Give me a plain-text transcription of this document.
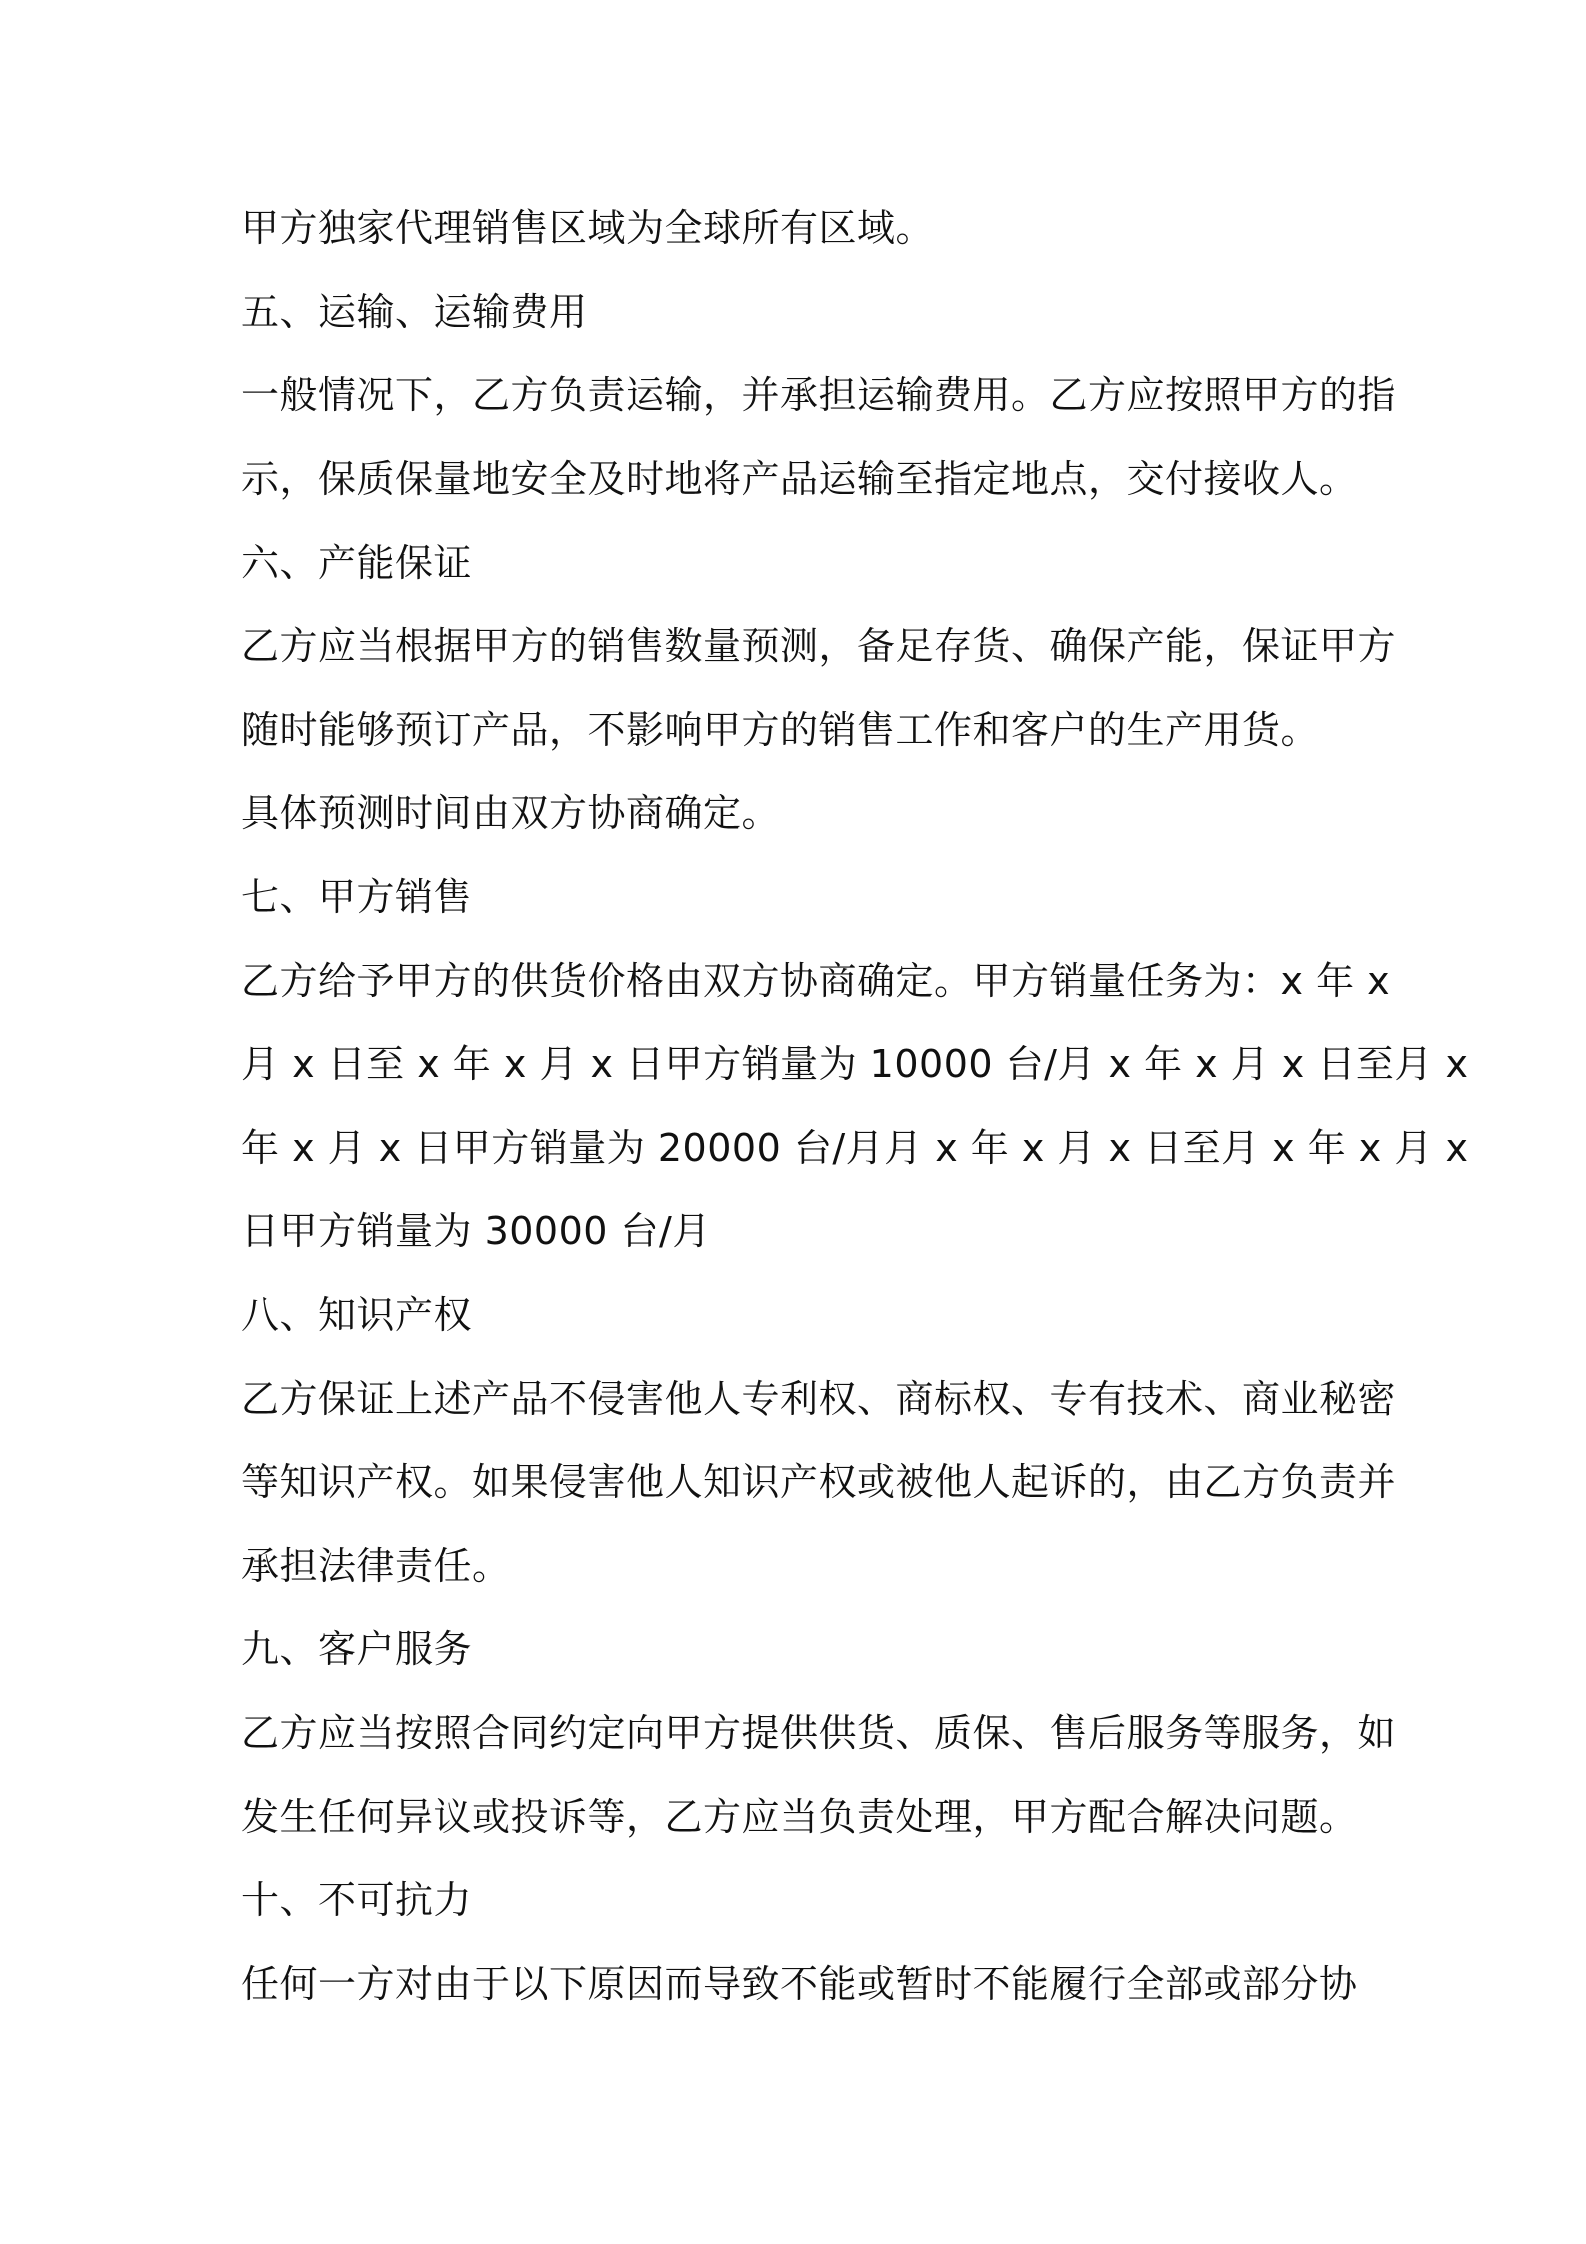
甲方独家代理销售区域为全球所有区域。
五、运输、运输费用
一般情况下，乙方负责运输，并承担运输费用。乙方应按照甲方的指
示，保质保量地安全及时地将产品运输至指定地点，交付接收人。
六、产能保证
乙方应当根据甲方的销售数量预测，备足存货、确保产能，保证甲方
随时能够预订产品，不影响甲方的销售工作和客户的生产用货。
具体预测时间由双方协商确定。
七、甲方销售
乙方给予甲方的供货价格由双方协商确定。甲方销量任务为：x 年 x
月 x 日至 x 年 x 月 x 日甲方销量为 10000 台/月 x 年 x 月 x 日至月 x
年 x 月 x 日甲方销量为 20000 台/月月 x 年 x 月 x 日至月 x 年 x 月 x
日甲方销量为 30000 台/月
八、知识产权
乙方保证上述产品不侵害他人专利权、商标权、专有技术、商业秘密
等知识产权。如果侵害他人知识产权或被他人起诉的，由乙方负责并
承担法律责任。
九、客户服务
乙方应当按照合同约定向甲方提供供货、质保、售后服务等服务，如
发生任何异议或投诉等，乙方应当负责处理，甲方配合解决问题。
十、不可抗力
任何一方对由于以下原因而导致不能或暂时不能履行全部或部分协
